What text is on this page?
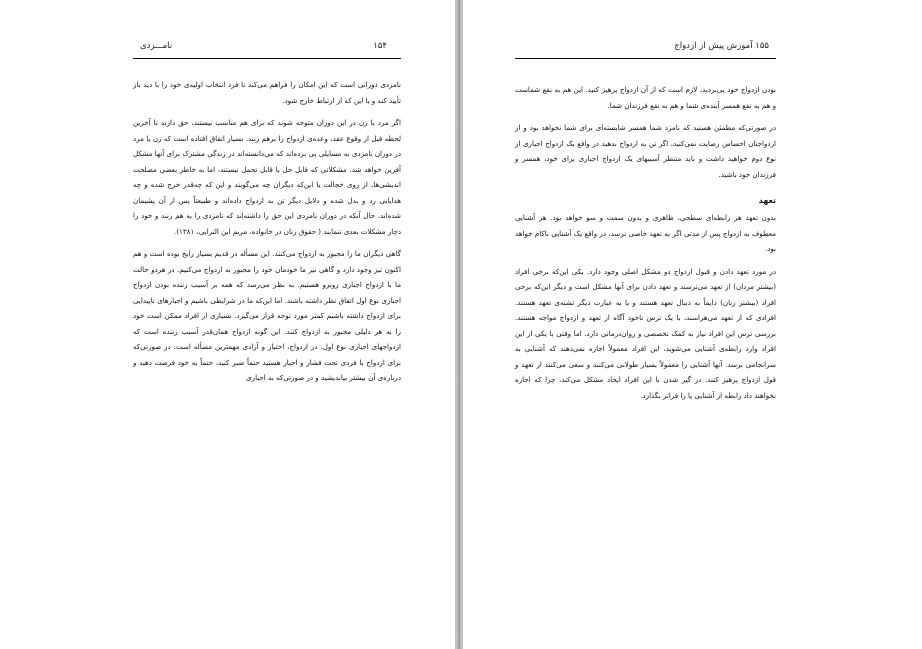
۱۵۴
نامـــزدی

نامزدی دورانی است که این امکان را فراهم می‌کند تا فرد انتخاب اولیه‌ی خود را با دید باز تأیید کند و یا این که از ارتباط خارج شود.

اگر مرد یا زن در این دوران متوجه شوند که برای هم مناسب نیستند، حق دارند تا آخرین لحظه قبل از وقوع عقد، وعده‌ی ازدواج را برهم زنند. بسیار اتفاق افتاده است که زن یا مرد در دوران نامزدی به مسایلی پی برده‌اند که می‌دانسته‌اند در زندگی مشترک برای آنها مشکل آفرین خواهد شد. مشکلاتی که قابل حل یا قابل تحمل نیستند، اما به خاطر بعضی مصلحت اندیشی‌ها، از روی خجالت یا این‌که دیگران چه می‌گویند و این که چه‌قدر خرج شده و چه هدایایی رد و بدل شده و دلایل دیگر تن به ازدواج داده‌اند و طبیعتاً پس از آن پشیمان شده‌اند. حال آنکه در دوران نامزدی این حق را داشته‌اند که نامزدی را به هم زنند و خود را دچار مشکلات بعدی ننمایند ( حقوق زنان در خانواده، مریم ابن الترابی، ۱۳۸۱).

گاهی دیگران ما را مجبور به ازدواج می‌کنند. این مسأله در قدیم بسیار رایج بوده است و هم اکنون نیز وجود دارد و گاهی نیز ما خودمان خود را مجبور به ازدواج می‌کنیم. در هردو حالت ما با ازدواج اجباری روبرو هستیم. به نظر می‌رسد که همه بر آسیب زننده بودن ازدواج اجباری نوع اول اتفاق نظر داشته باشند. اما این‌که ما در شرایطی باشیم و اجبارهای ناپیدایی برای ازدواج داشته باشیم کمتر مورد توجه قرار می‌گیرد. بسیاری از افراد ممکن است خود را به هر دلیلی مجبور به ازدواج کنند. این گونه ازدواج همان‌قدر آسیب زننده است که ازدواجهای اجباری نوع اول. در ازدواج، اختیار و آزادی مهمترین مسأله است. در صورتی‌که برای ازدواج با فردی تحت فشار و اجبار هستید حتماً صبر کنید، حتماً به خود فرصت دهید و درباره‌ی آن بیشتر بیاندیشید و در صورتی‌که به اجباری

۱۵۵ آموزش پیش از ازدواج

بودن ازدواج خود پی‌بردید، لازم است که از آن ازدواج پرهیز کنید. این هم به نفع شماست و هم به نفع همسر آینده‌ی شما و هم به نفع فرزندان شما.

در صورتی‌که مطمئن هستید که نامزد شما همسر شایسته‌ای برای شما نخواهد بود و از ازدواجتان احساس رضایت نمی‌کنید، اگر تن به ازدواج بدهید در واقع یک ازدواج اجباری از نوع دوم خواهید داشت و باید منتظر آسیبهای یک ازدواج اجباری برای خود، همسر و فرزندان خود باشید.

تعهد

بدون تعهد هر رابطه‌ای سطحی، ظاهری و بدون سمت و سو خواهد بود. هر آشنایی معطوف به ازدواج پس از مدتی اگر به تعهد خاصی نرسد، در واقع یک آشنایی ناکام خواهد بود.

در مورد تعهد دادن و قبول ازدواج دو مشکل اصلی وجود دارد. یکی این‌که برخی افراد (بیشتر مردان) از تعهد می‌ترسند و تعهد دادن برای آنها مشکل است و دیگر این‌که برخی افراد (بیشتر زنان) دایماً به دنبال تعهد هستند و یا به عبارت دیگر تشنه‌ی تعهد هستند. افرادی که از تعهد می‌هراسند، با یک ترس ناخود آگاه از تعهد و ازدواج مواجه هستند. بررسی ترس این افراد نیاز به کمک تخصصی و روان‌درمانی دارد. اما وقتی با یکی از این افراد وارد رابطه‌ی آشنایی می‌شوید، این افراد معمولاً اجازه نمی‌دهند که آشنایی به سرانجامی برسد. آنها آشنایی را معمولاً بسیار طولانی می‌کنند و سعی می‌کنند از تعهد و قول ازدواج پرهیز کنند. در گیر شدن با این افراد ایجاد مشکل می‌کند، چرا که اجازه نخواهند داد رابطه از آشنایی پا را فراتر بگذارد.
